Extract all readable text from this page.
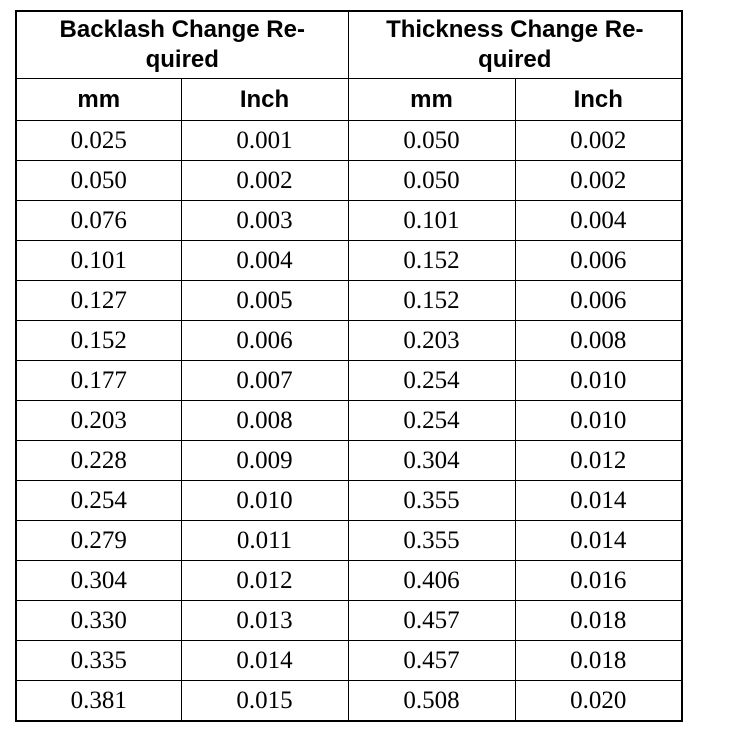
Backlash Change Re-
quired		Thickness Change Re-
quired	
mm	Inch	mm	Inch
0.025	0.001	0.050	0.002
0.050	0.002	0.050	0.002
0.076	0.003	0.101	0.004
0.101	0.004	0.152	0.006
0.127	0.005	0.152	0.006
0.152	0.006	0.203	0.008
0.177	0.007	0.254	0.010
0.203	0.008	0.254	0.010
0.228	0.009	0.304	0.012
0.254	0.010	0.355	0.014
0.279	0.011	0.355	0.014
0.304	0.012	0.406	0.016
0.330	0.013	0.457	0.018
0.335	0.014	0.457	0.018
0.381	0.015	0.508	0.020
